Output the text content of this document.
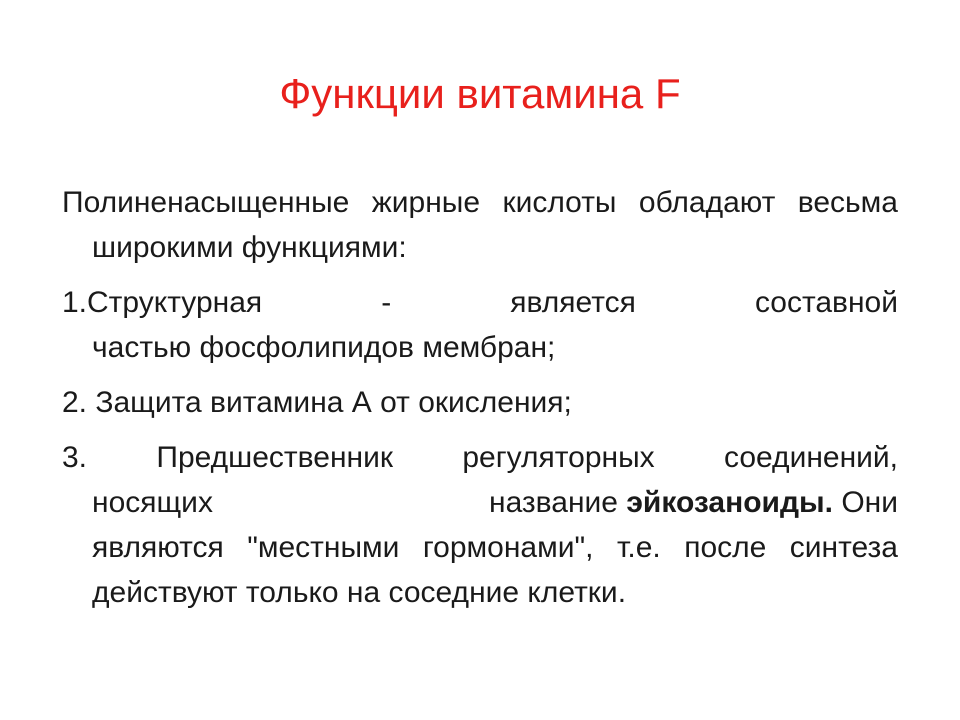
Функции витамина F

Полиненасыщенные жирные кислоты обладают весьма широкими функциями:

1.Структурная	-	является	составной
частью фосфолипидов мембран;

2. Защита витамина А от окисления;

3. Предшественник регуляторных соединений,
носящих	название эйкозаноиды. Они
являются "местными гормонами", т.е. после синтеза действуют только на соседние клетки.
